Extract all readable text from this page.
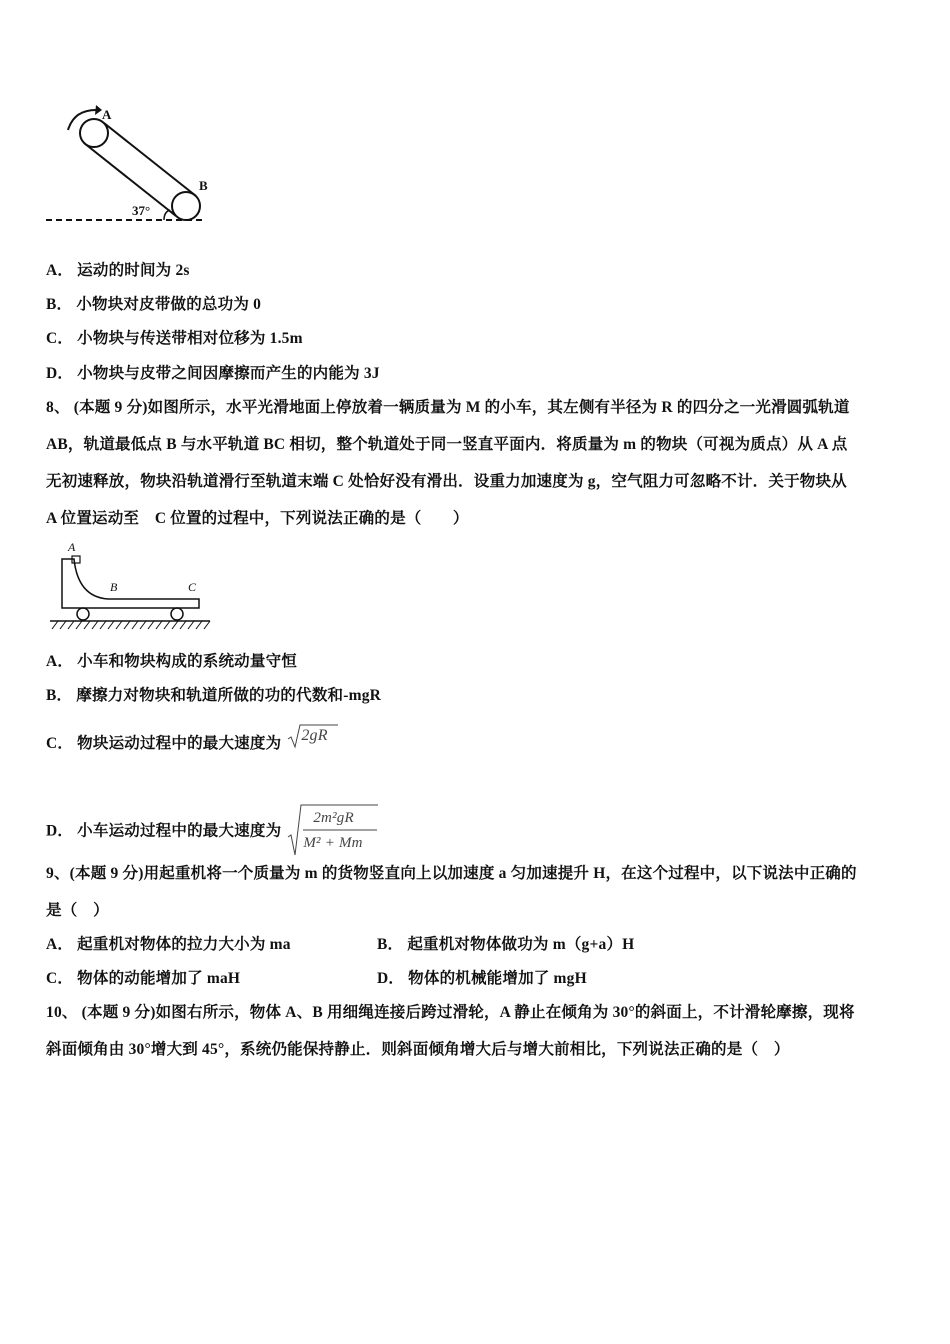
A
B
37°
A． 运动的时间为 2s
B． 小物块对皮带做的总功为 0
C． 小物块与传送带相对位移为 1.5m
D． 小物块与皮带之间因摩擦而产生的内能为 3J
8、 (本题 9 分)如图所示，水平光滑地面上停放着一辆质量为 M 的小车，其左侧有半径为 R 的四分之一光滑圆弧轨道
AB，轨道最低点 B 与水平轨道 BC 相切，整个轨道处于同一竖直平面内．将质量为 m 的物块（可视为质点）从 A 点
无初速释放，物块沿轨道滑行至轨道末端 C 处恰好没有滑出．设重力加速度为 g，空气阻力可忽略不计．关于物块从
A 位置运动至　C 位置的过程中，下列说法正确的是（　　）
A
B	C
A． 小车和物块构成的系统动量守恒
B． 摩擦力对物块和轨道所做的功的代数和-mgR
C． 物块运动过程中的最大速度为 2gR
D． 小车运动过程中的最大速度为
2m²gR
M² + Mm
9、(本题 9 分)用起重机将一个质量为 m 的货物竖直向上以加速度 a 匀加速提升 H，在这个过程中，以下说法中正确的
是（　）
A． 起重机对物体的拉力大小为 ma	B． 起重机对物体做功为 m（g+a）H
C． 物体的动能增加了 maH	D． 物体的机械能增加了 mgH
10、 (本题 9 分)如图右所示，物体 A、B 用细绳连接后跨过滑轮，A 静止在倾角为 30°的斜面上，不计滑轮摩擦，现将
斜面倾角由 30°增大到 45°，系统仍能保持静止．则斜面倾角增大后与增大前相比，下列说法正确的是（　）
